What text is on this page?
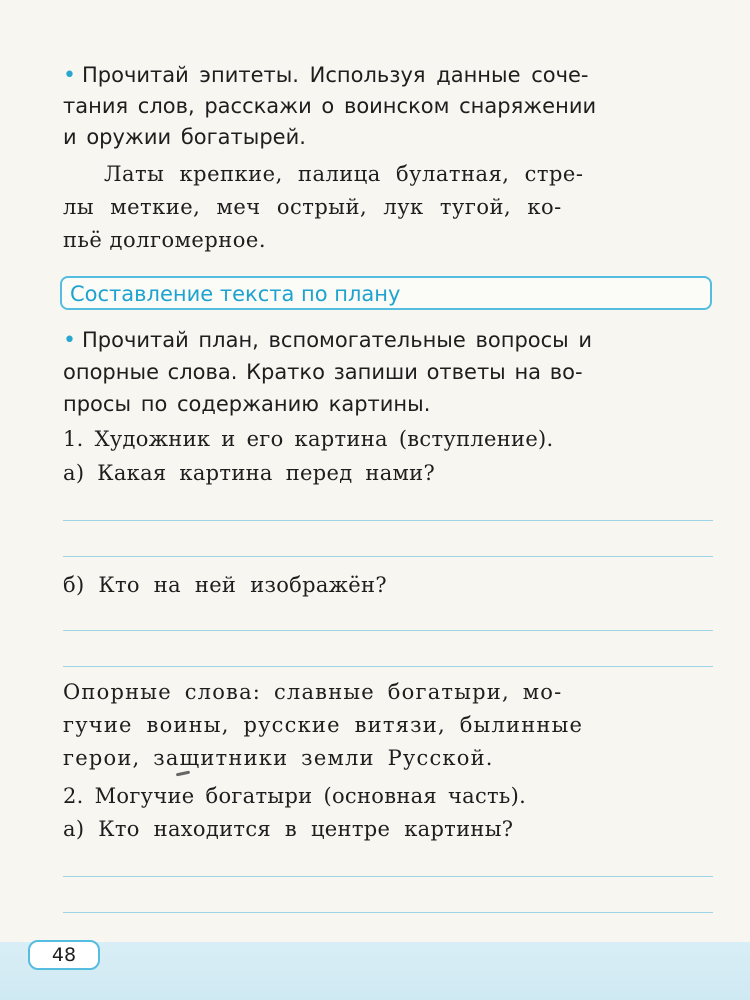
• Прочитай эпитеты. Используя данные соче-
тания слов, расскажи о воинском снаряжении
и оружии богатырей.
Латы крепкие, палица булатная, стре-
лы меткие, меч острый, лук тугой, ко-
пьё долгомерное.
Составление текста по плану
• Прочитай план, вспомогательные вопросы и
опорные слова. Кратко запиши ответы на во-
просы по содержанию картины.
1. Художник и его картина (вступление).
а) Какая картина перед нами?
б) Кто на ней изображён?
Опорные слова: славные богатыри, мо-
гучие воины, русские витязи, былинные
герои, защитники земли Русской.
2. Могучие богатыри (основная часть).
а) Кто находится в центре картины?
48
